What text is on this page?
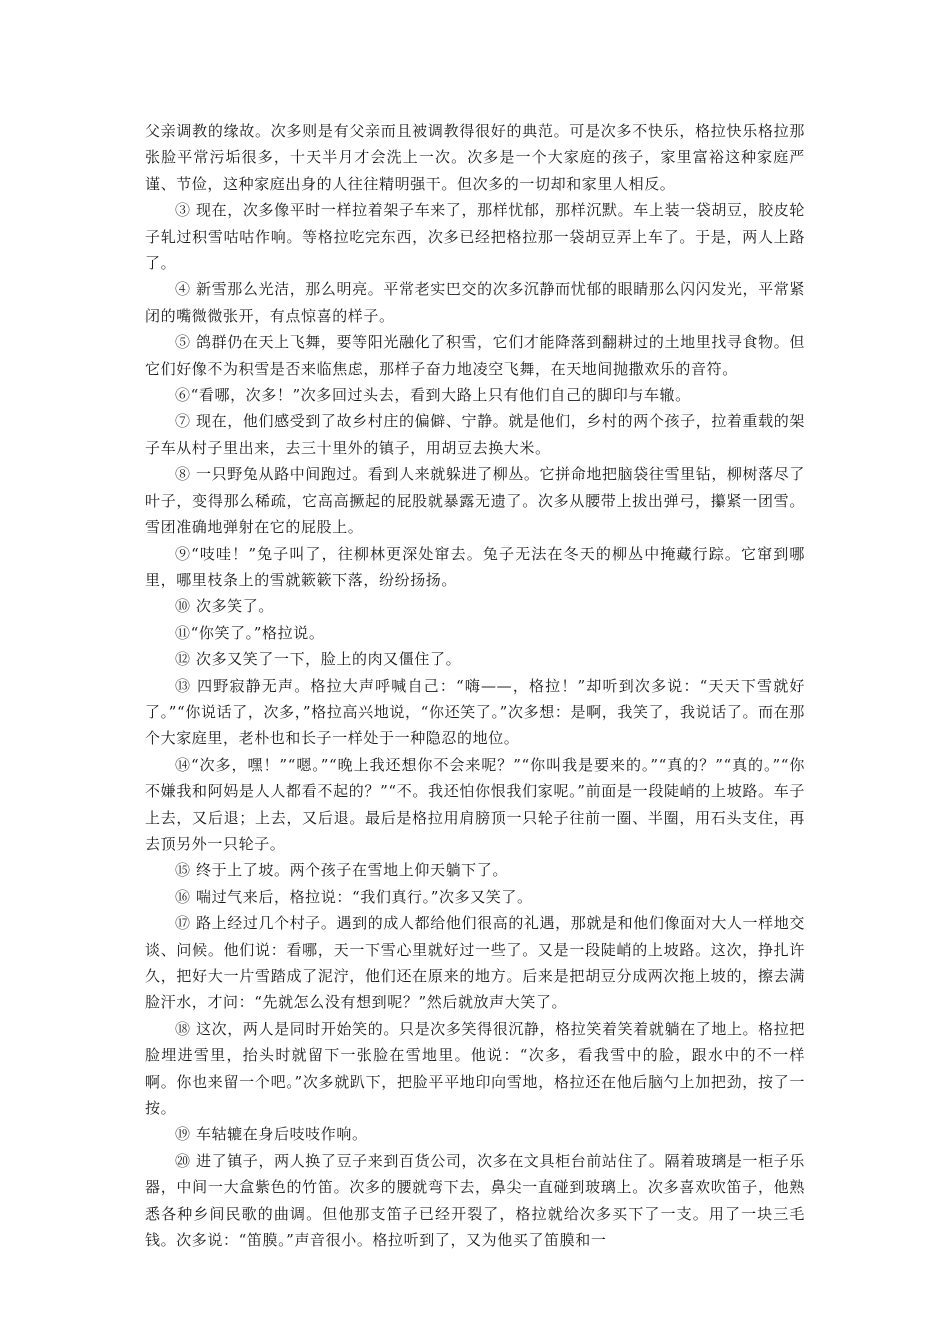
父亲调教的缘故。次多则是有父亲而且被调教得很好的典范。可是次多不快乐，格拉快乐格拉那张脸平常污垢很多，十天半月才会洗上一次。次多是一个大家庭的孩子，家里富裕这种家庭严谨、节俭，这种家庭出身的人往往精明强干。但次多的一切却和家里人相反。

③ 现在，次多像平时一样拉着架子车来了，那样忧郁，那样沉默。车上装一袋胡豆，胶皮轮子轧过积雪咕咕作响。等格拉吃完东西，次多已经把格拉那一袋胡豆弄上车了。于是，两人上路了。

④ 新雪那么光洁，那么明亮。平常老实巴交的次多沉静而忧郁的眼睛那么闪闪发光，平常紧闭的嘴微微张开，有点惊喜的样子。

⑤ 鸽群仍在天上飞舞，要等阳光融化了积雪，它们才能降落到翻耕过的土地里找寻食物。但它们好像不为积雪是否来临焦虑，那样子奋力地凌空飞舞，在天地间抛撒欢乐的音符。

⑥“看哪，次多！”次多回过头去，看到大路上只有他们自己的脚印与车辙。

⑦ 现在，他们感受到了故乡村庄的偏僻、宁静。就是他们，乡村的两个孩子，拉着重载的架子车从村子里出来，去三十里外的镇子，用胡豆去换大米。

⑧ 一只野兔从路中间跑过。看到人来就躲进了柳丛。它拼命地把脑袋往雪里钻，柳树落尽了叶子，变得那么稀疏，它高高撅起的屁股就暴露无遗了。次多从腰带上拔出弹弓，攥紧一团雪。雪团准确地弹射在它的屁股上。

⑨“吱哇！”兔子叫了，往柳林更深处窜去。兔子无法在冬天的柳丛中掩藏行踪。它窜到哪里，哪里枝条上的雪就簌簌下落，纷纷扬扬。

⑩ 次多笑了。

⑪“你笑了。”格拉说。

⑫ 次多又笑了一下，脸上的肉又僵住了。

⑬ 四野寂静无声。格拉大声呼喊自己：“嗨——，格拉！”却听到次多说：“天天下雪就好了。”“你说话了，次多，”格拉高兴地说，“你还笑了。”次多想：是啊，我笑了，我说话了。而在那个大家庭里，老朴也和长子一样处于一种隐忍的地位。

⑭“次多，嘿！”“嗯。”“晚上我还想你不会来呢？”“你叫我是要来的。”“真的？”“真的。”“你不嫌我和阿妈是人人都看不起的？”“不。我还怕你恨我们家呢。”前面是一段陡峭的上坡路。车子上去，又后退；上去，又后退。最后是格拉用肩膀顶一只轮子往前一圈、半圈，用石头支住，再去顶另外一只轮子。

⑮ 终于上了坡。两个孩子在雪地上仰天躺下了。

⑯ 喘过气来后，格拉说：“我们真行。”次多又笑了。

⑰ 路上经过几个村子。遇到的成人都给他们很高的礼遇，那就是和他们像面对大人一样地交谈、问候。他们说：看哪，天一下雪心里就好过一些了。又是一段陡峭的上坡路。这次，挣扎许久，把好大一片雪踏成了泥泞，他们还在原来的地方。后来是把胡豆分成两次拖上坡的，擦去满脸汗水，才问：“先就怎么没有想到呢？”然后就放声大笑了。

⑱ 这次，两人是同时开始笑的。只是次多笑得很沉静，格拉笑着笑着就躺在了地上。格拉把脸埋进雪里，抬头时就留下一张脸在雪地里。他说：“次多，看我雪中的脸，跟水中的不一样啊。你也来留一个吧。”次多就趴下，把脸平平地印向雪地，格拉还在他后脑勺上加把劲，按了一按。

⑲ 车轱辘在身后吱吱作响。

⑳ 进了镇子，两人换了豆子来到百货公司，次多在文具柜台前站住了。隔着玻璃是一柜子乐器，中间一大盒紫色的竹笛。次多的腰就弯下去，鼻尖一直碰到玻璃上。次多喜欢吹笛子，他熟悉各种乡间民歌的曲调。但他那支笛子已经开裂了，格拉就给次多买下了一支。用了一块三毛钱。次多说：“笛膜。”声音很小。格拉听到了，又为他买了笛膜和一
